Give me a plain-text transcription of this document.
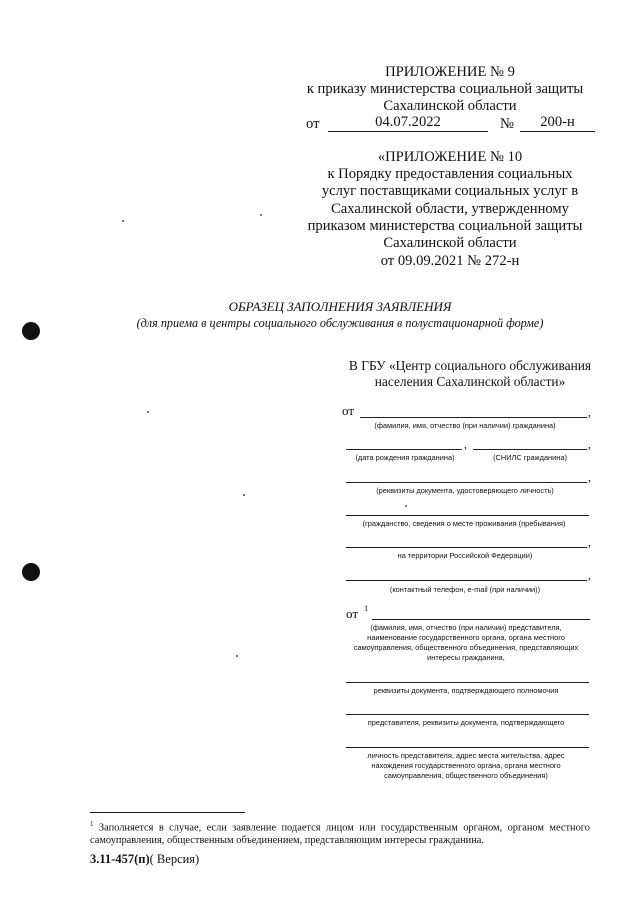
ПРИЛОЖЕНИЕ № 9
к приказу министерства социальной защиты
Сахалинской области
от	04.07.2022	№	200-н
«ПРИЛОЖЕНИЕ № 10
к Порядку предоставления социальных
услуг поставщиками социальных услуг в
Сахалинской области, утвержденному
приказом министерства социальной защиты
Сахалинской области
от 09.09.2021 № 272-н
ОБРАЗЕЦ ЗАПОЛНЕНИЯ ЗАЯВЛЕНИЯ
(для приема в центры социального обслуживания в полустационарной форме)
В ГБУ «Центр социального обслуживания
населения Сахалинской области»
от	,
(фамилия, имя, отчество (при наличии) гражданина)
,	,
(дата рождения гражданина)	(СНИЛС гражданина)
,
(реквизиты документа, удостоверяющего личность)
(гражданство, сведения о месте проживания (пребывания)
,
на территории Российской Федерации)
,
(контактный телефон, e-mail (при наличии))
от 1
(фамилия, имя, отчество (при наличии) представителя,
наименование государственного органа, органа местного
самоуправления, общественного объединения, представляющих
интересы гражданина,
реквизиты документа, подтверждающего полномочия
представителя, реквизиты документа, подтверждающего
личность представителя, адрес места жительства, адрес
нахождения государственного органа, органа местного
самоуправления, общественного объединения)
$^1$ Заполняется в случае, если заявление подается лицом или государственным органом, органом местного самоуправления, общественным объединением, представляющим интересы гражданина.
3.11-457(п)( Версия)
